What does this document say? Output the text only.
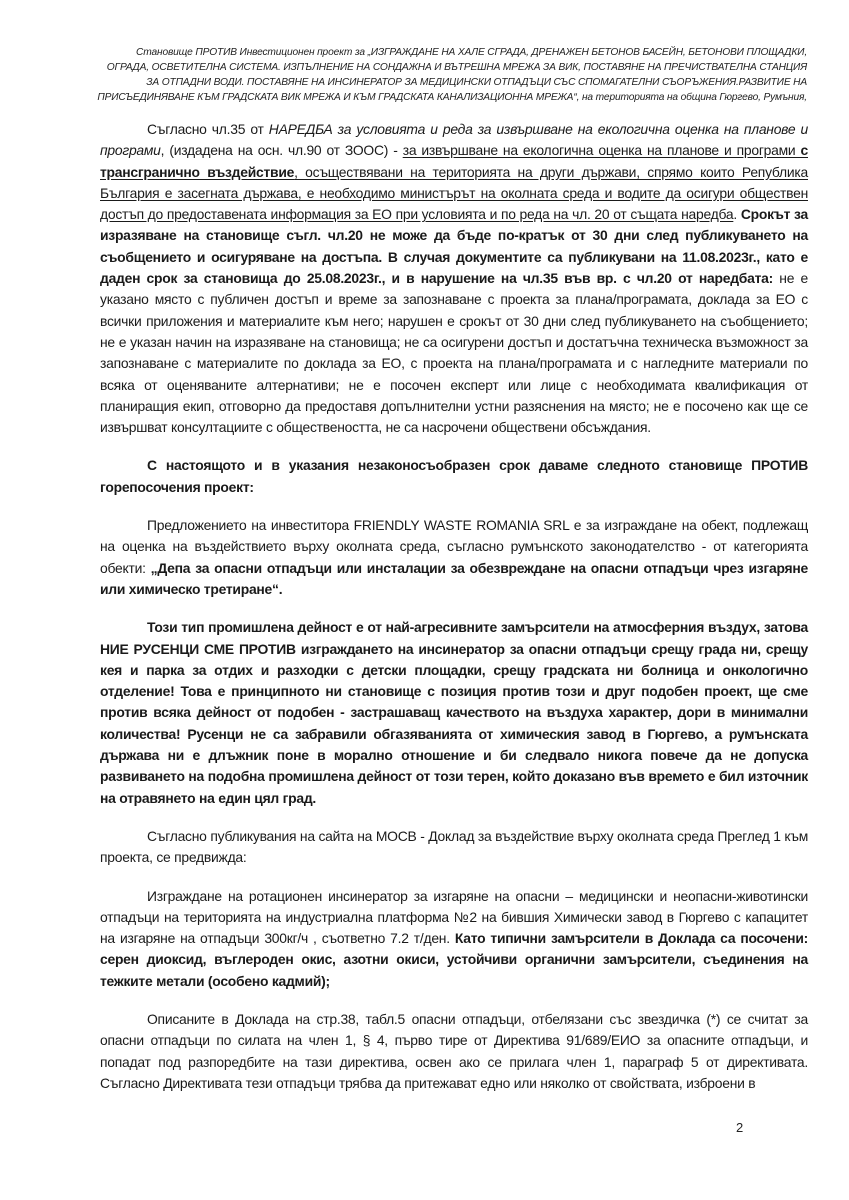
Становище ПРОТИВ Инвестиционен проект за „ИЗГРАЖДАНЕ НА ХАЛЕ СГРАДА, ДРЕНАЖЕН БЕТОНОВ БАСЕЙН, БЕТОНОВИ ПЛОЩАДКИ, ОГРАДА, ОСВЕТИТЕЛНА СИСТЕМА. ИЗПЪЛНЕНИЕ НА СОНДАЖНА И ВЪТРЕШНА МРЕЖА ЗА ВИК, ПОСТАВЯНЕ НА ПРЕЧИСТВАТЕЛНА СТАНЦИЯ ЗА ОТПАДНИ ВОДИ. ПОСТАВЯНЕ НА ИНСИНЕРАТОР ЗА МЕДИЦИНСКИ ОТПАДЪЦИ СЪС СПОМАГАТЕЛНИ СЪОРЪЖЕНИЯ.РАЗВИТИЕ НА ПРИСЪЕДИНЯВАНЕ КЪМ ГРАДСКАТА ВИК МРЕЖА И КЪМ ГРАДСКАТА КАНАЛИЗАЦИОННА МРЕЖА“, на територията на община Гюргево, Румъния,

Съгласно чл.35 от НАРЕДБА за условията и реда за извършване на екологична оценка на планове и програми, (издадена на осн. чл.90 от ЗООС) - за извършване на екологична оценка на планове и програми с трансгранично въздействие, осъществявани на територията на други държави, спрямо които Република България е засегната държава, е необходимо министърът на околната среда и водите да осигури обществен достъп до предоставената информация за ЕО при условията и по реда на чл. 20 от същата наредба. Срокът за изразяване на становище съгл. чл.20 не може да бъде по-кратък от 30 дни след публикуването на съобщението и осигуряване на достъпа. В случая документите са публикувани на 11.08.2023г., като е даден срок за становища до 25.08.2023г., и в нарушение на чл.35 във вр. с чл.20 от наредбата: не е указано място с публичен достъп и време за запознаване с проекта за плана/програмата, доклада за ЕО с всички приложения и материалите към него; нарушен е срокът от 30 дни след публикуването на съобщението; не е указан начин на изразяване на становища; не са осигурени достъп и достатъчна техническа възможност за запознаване с материалите по доклада за ЕО, с проекта на плана/програмата и с нагледните материали по всяка от оценяваните алтернативи; не е посочен експерт или лице с необходимата квалификация от планиращия екип, отговорно да предоставя допълнителни устни разяснения на място; не е посочено как ще се извършват консултациите с обществеността, не са насрочени обществени обсъждания.

С настоящото и в указания незаконосъобразен срок даваме следното становище ПРОТИВ горепосочения проект:

Предложението на инвеститора FRIENDLY WASTE ROMANIA SRL е за изграждане на обект, подлежащ на оценка на въздействието върху околната среда, съгласно румънското законодателство - от категорията обекти: „Депа за опасни отпадъци или инсталации за обезвреждане на опасни отпадъци чрез изгаряне или химическо третиране“.

Този тип промишлена дейност е от най-агресивните замърсители на атмосферния въздух, затова НИЕ РУСЕНЦИ СМЕ ПРОТИВ изграждането на инсинератор за опасни отпадъци срещу града ни, срещу кея и парка за отдих и разходки с детски площадки, срещу градската ни болница и онкологично отделение! Това е принципното ни становище с позиция против този и друг подобен проект, ще сме против всяка дейност от подобен - застрашаващ качеството на въздуха характер, дори в минимални количества! Русенци не са забравили обгазяванията от химическия завод в Гюргево, а румънската държава ни е длъжник поне в морално отношение и би следвало никога повече да не допуска развиването на подобна промишлена дейност от този терен, който доказано във времето е бил източник на отравянето на един цял град.

Съгласно публикувания на сайта на МОСВ - Доклад за въздействие върху околната среда Преглед 1 към проекта, се предвижда:

Изграждане на ротационен инсинератор за изгаряне на опасни – медицински и неопасни-животински отпадъци на територията на индустриална платформа №2 на бившия Химически завод в Гюргево с капацитет на изгаряне на отпадъци 300кг/ч , съответно 7.2 т/ден. Като типични замърсители в Доклада са посочени: серен диоксид, въглероден окис, азотни окиси, устойчиви органични замърсители, съединения на тежките метали (особено кадмий);

Описаните в Доклада на стр.38, табл.5 опасни отпадъци, отбелязани със звездичка (*) се считат за опасни отпадъци по силата на член 1, § 4, първо тире от Директива 91/689/ЕИО за опасните отпадъци, и попадат под разпоредбите на тази директива, освен ако се прилага член 1, параграф 5 от директивата. Съгласно Директивата тези отпадъци трябва да притежават едно или няколко от свойствата, изброени в

2
